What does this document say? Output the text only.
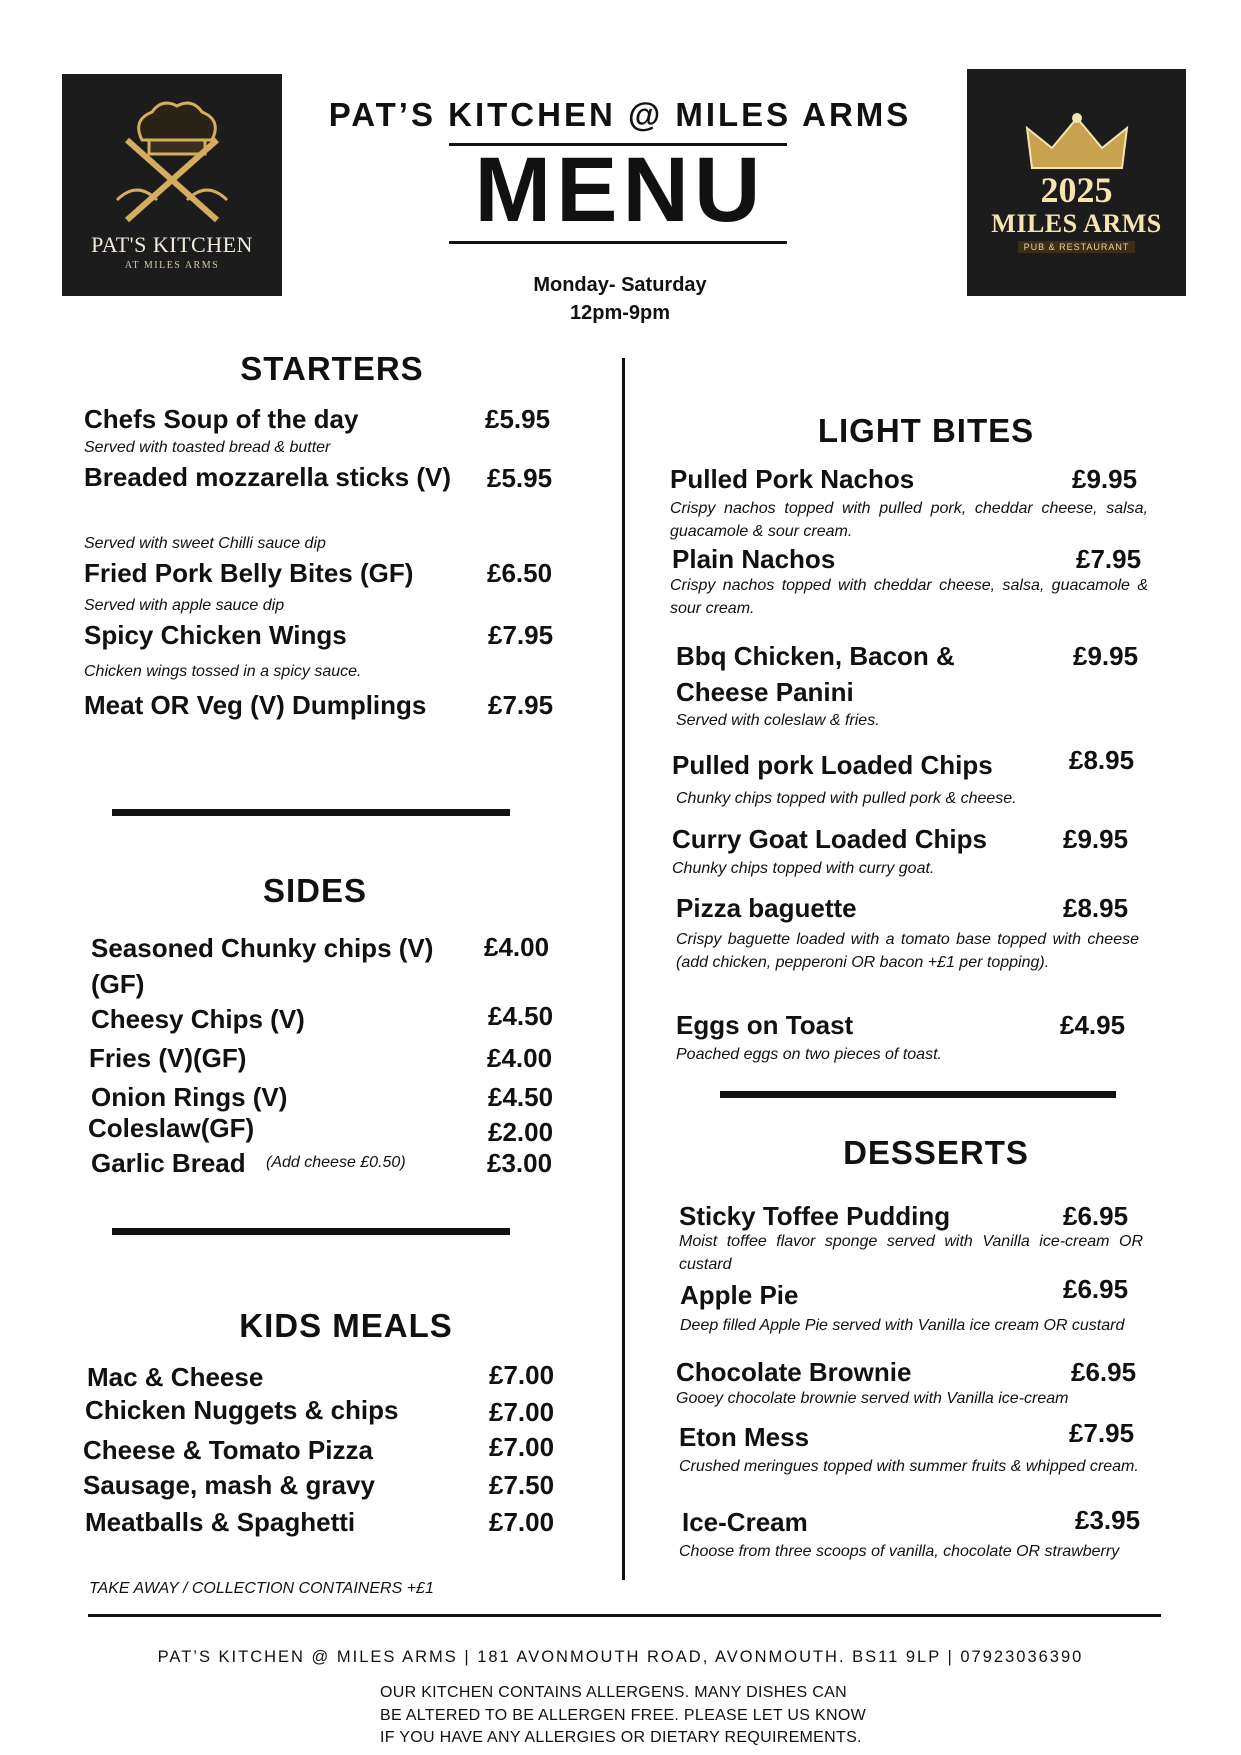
PAT'S KITCHEN
AT MILES ARMS
2025
MILES ARMS
PUB & RESTAURANT
PAT’S KITCHEN @ MILES ARMS
MENU
Monday- Saturday
12pm-9pm
STARTERS
Chefs Soup of the day	£5.95
Served with toasted bread & butter
Breaded mozzarella sticks (V)	£5.95
Served with sweet Chilli sauce dip
Fried Pork Belly Bites (GF)	£6.50
Served with apple sauce dip
Spicy Chicken Wings	£7.95
Chicken wings tossed in a spicy sauce.
Meat OR Veg (V) Dumplings £7.95
SIDES
Seasoned Chunky chips (V) (GF)
£4.00
Cheesy Chips (V)	£4.50
Fries (V)(GF)	£4.00
Onion Rings (V)	£4.50
Coleslaw(GF)	£2.00
Garlic Bread (Add cheese £0.50)	£3.00
KIDS MEALS
Mac & Cheese	£7.00
Chicken Nuggets & chips	£7.00
Cheese & Tomato Pizza	£7.00
Sausage, mash & gravy	£7.50
Meatballs & Spaghetti	£7.00
TAKE AWAY / COLLECTION CONTAINERS +£1
LIGHT BITES
Pulled Pork Nachos	£9.95
Crispy nachos topped with pulled pork, cheddar cheese, salsa, guacamole & sour cream.
Plain Nachos	£7.95
Crispy nachos topped with cheddar cheese, salsa, guacamole & sour cream.
Bbq Chicken, Bacon & Cheese Panini
£9.95
Served with coleslaw & fries.
Pulled pork Loaded Chips	£8.95
Chunky chips topped with pulled pork & cheese.
Curry Goat Loaded Chips	£9.95
Chunky chips topped with curry goat.
Pizza baguette	£8.95
Crispy baguette loaded with a tomato base topped with cheese (add chicken, pepperoni OR bacon +£1 per topping).
Eggs on Toast	£4.95
Poached eggs on two pieces of toast.
DESSERTS
Sticky Toffee Pudding	£6.95
Moist toffee flavor sponge served with Vanilla ice-cream OR custard
Apple Pie	£6.95
Deep filled Apple Pie served with Vanilla ice cream OR custard
Chocolate Brownie	£6.95
Gooey chocolate brownie served with Vanilla ice-cream
Eton Mess	£7.95
Crushed meringues topped with summer fruits & whipped cream.
Ice-Cream	£3.95
Choose from three scoops of vanilla, chocolate OR strawberry
PAT’S KITCHEN @ MILES ARMS | 181 AVONMOUTH ROAD, AVONMOUTH. BS11 9LP | 07923036390
OUR KITCHEN CONTAINS ALLERGENS. MANY DISHES CAN
BE ALTERED TO BE ALLERGEN FREE. PLEASE LET US KNOW
IF YOU HAVE ANY ALLERGIES OR DIETARY REQUIREMENTS.
